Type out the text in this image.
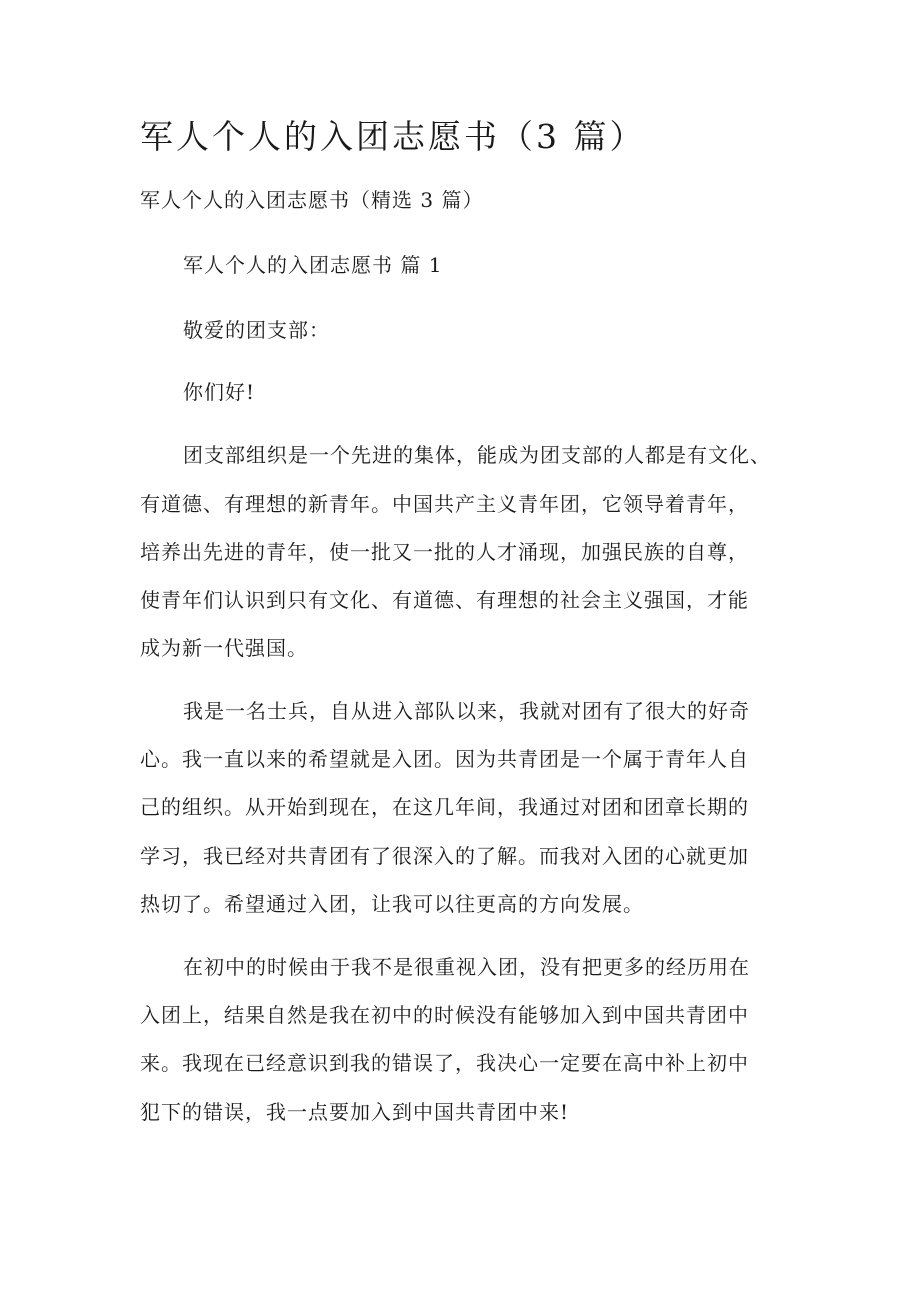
军人个人的入团志愿书（3 篇）

军人个人的入团志愿书（精选 3 篇）

军人个人的入团志愿书 篇 1

敬爱的团支部：

你们好!

团支部组织是一个先进的集体，能成为团支部的人都是有文化、

有道德、有理想的新青年。中国共产主义青年团，它领导着青年，

培养出先进的青年，使一批又一批的人才涌现，加强民族的自尊，

使青年们认识到只有文化、有道德、有理想的社会主义强国，才能

成为新一代强国。

我是一名士兵，自从进入部队以来，我就对团有了很大的好奇

心。我一直以来的希望就是入团。因为共青团是一个属于青年人自

己的组织。从开始到现在，在这几年间，我通过对团和团章长期的

学习，我已经对共青团有了很深入的了解。而我对入团的心就更加

热切了。希望通过入团，让我可以往更高的方向发展。

在初中的时候由于我不是很重视入团，没有把更多的经历用在

入团上，结果自然是我在初中的时候没有能够加入到中国共青团中

来。我现在已经意识到我的错误了，我决心一定要在高中补上初中

犯下的错误，我一点要加入到中国共青团中来!
